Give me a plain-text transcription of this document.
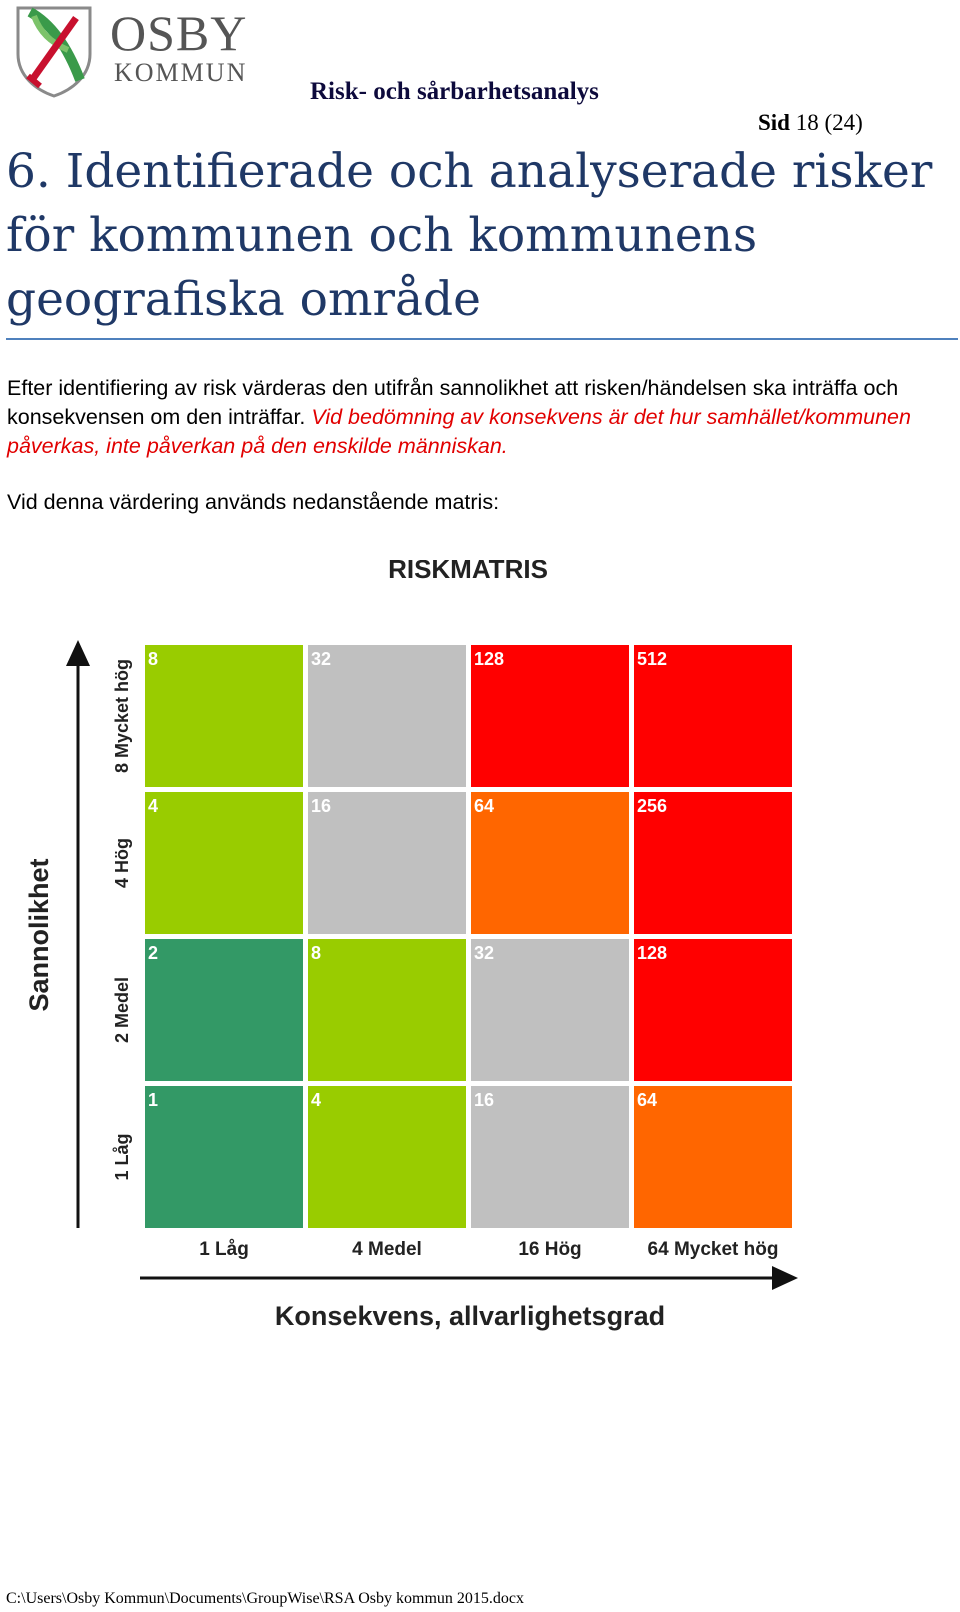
OSBY
KOMMUN
Risk- och sårbarhetsanalys
Sid 18 (24)
6. Identifierade och analyserade risker för kommunen och kommunens geografiska område
Efter identifiering av risk värderas den utifrån sannolikhet att risken/händelsen ska inträffa och konsekvensen om den inträffar. Vid bedömning av konsekvens är det hur samhället/kommunen påverkas, inte påverkan på den enskilde människan.
Vid denna värdering används nedanstående matris:
RISKMATRIS
8	32	128	512
8 Mycket hög
4	16	64	256
4 Hög
2	8	32	128
2 Medel
1	4	16	64
1 Låg
1 Låg	4 Medel	16 Hög	64 Mycket hög
Sannolikhet
Konsekvens, allvarlighetsgrad
C:\Users\Osby Kommun\Documents\GroupWise\RSA Osby kommun 2015.docx
